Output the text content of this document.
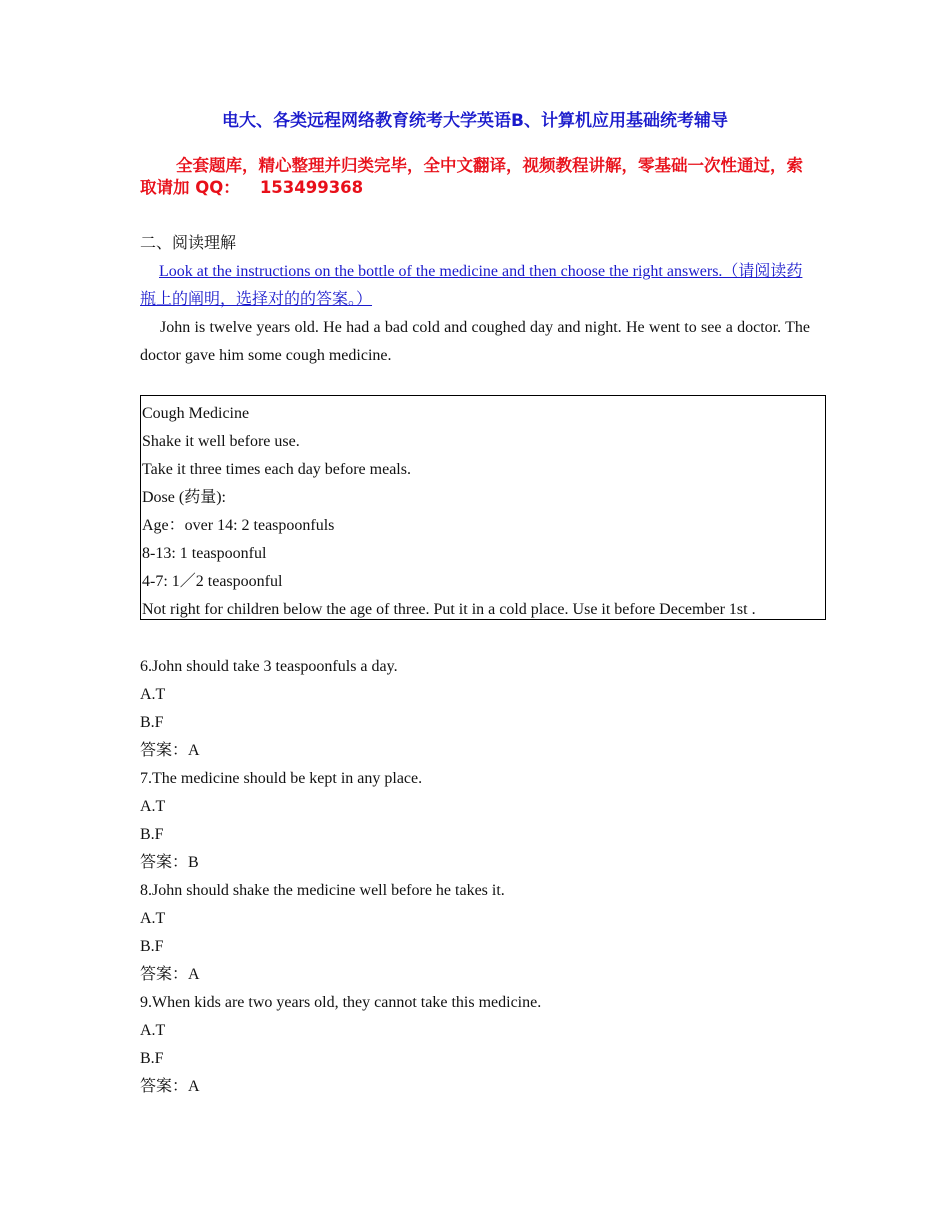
电大、各类远程网络教育统考大学英语B、计算机应用基础统考辅导
全套题库，精心整理并归类完毕，全中文翻译，视频教程讲解，零基础一次性通过，索取请加 QQ： 153499368
二、阅读理解
Look at the instructions on the bottle of the medicine and then choose the right answers.（请阅读药瓶上的阐明，选择对的的答案。）
John is twelve years old. He had a bad cold and coughed day and night. He went to see a doctor. The doctor gave him some cough medicine.
Cough Medicine
Shake it well before use.
Take it three times each day before meals.
Dose (药量):
Age：over 14: 2 teaspoonfuls
8-13: 1 teaspoonful
4-7: 1／2 teaspoonful
Not right for children below the age of three. Put it in a cold place. Use it before December 1st .
6.John should take 3 teaspoonfuls a day.
A.T
B.F
答案：A
7.The medicine should be kept in any place.
A.T
B.F
答案：B
8.John should shake the medicine well before he takes it.
A.T
B.F
答案：A
9.When kids are two years old, they cannot take this medicine.
A.T
B.F
答案：A
